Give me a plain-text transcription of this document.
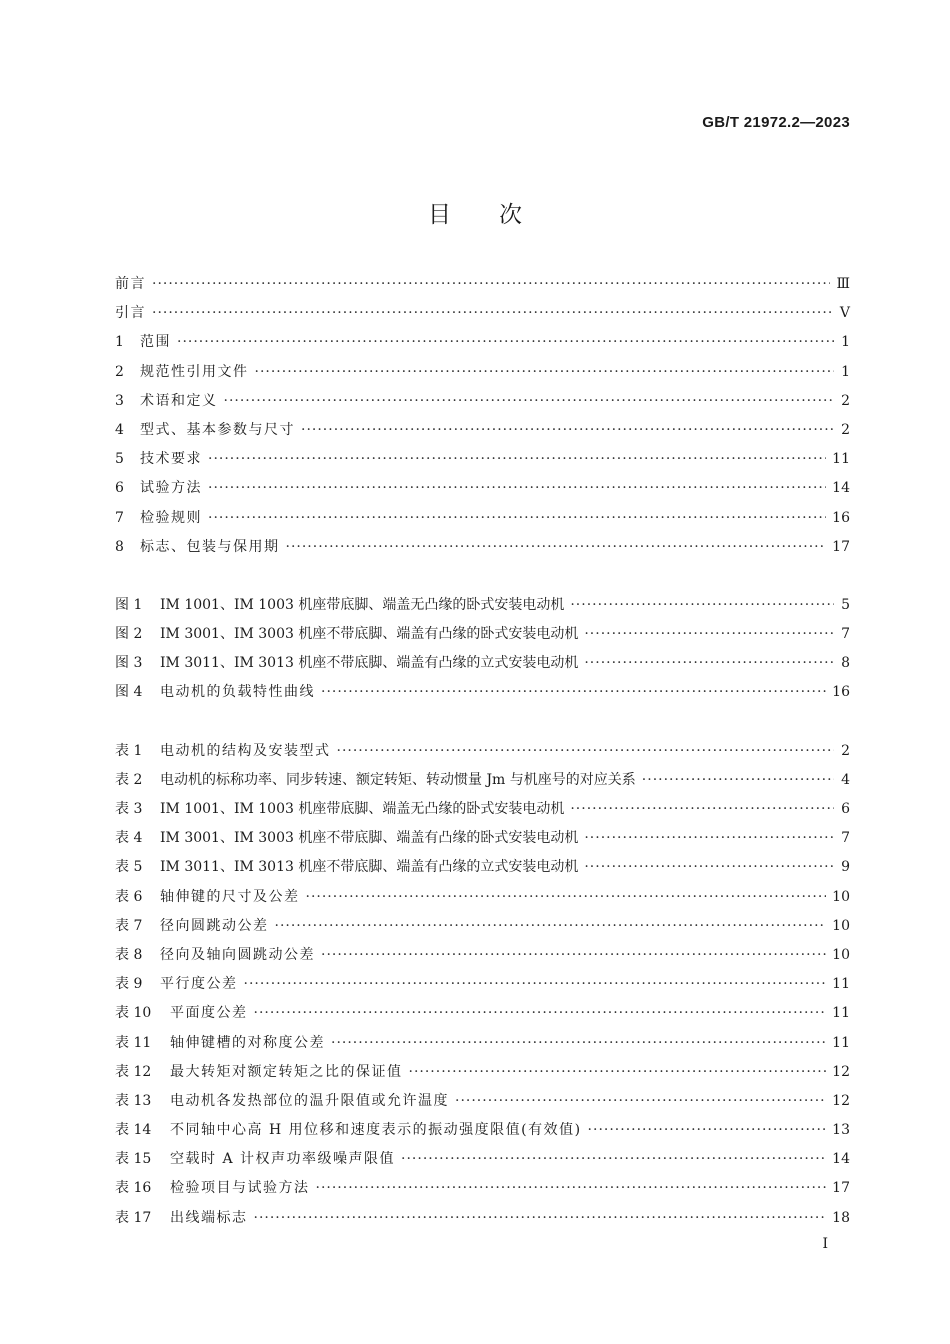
GB/T 21972.2—2023
目次
前言 ·····	Ⅲ
引言 ·····	Ⅴ
1	范围 ·····	1
2	规范性引用文件 ·····	1
3	术语和定义 ·····	2
4	型式、基本参数与尺寸 ·····	2
5	技术要求 ·····	11
6	试验方法 ·····	14
7	检验规则 ·····	16
8	标志、包装与保用期 ·····	17
图 1	IM 1001、IM 1003 机座带底脚、端盖无凸缘的卧式安装电动机 ·····	5
图 2	IM 3001、IM 3003 机座不带底脚、端盖有凸缘的卧式安装电动机 ·····	7
图 3	IM 3011、IM 3013 机座不带底脚、端盖有凸缘的立式安装电动机 ·····	8
图 4	电动机的负载特性曲线 ·····	16
表 1	电动机的结构及安装型式 ·····	2
表 2	电动机的标称功率、同步转速、额定转矩、转动惯量 Jm 与机座号的对应关系 ·····	4
表 3	IM 1001、IM 1003 机座带底脚、端盖无凸缘的卧式安装电动机 ·····	6
表 4	IM 3001、IM 3003 机座不带底脚、端盖有凸缘的卧式安装电动机 ·····	7
表 5	IM 3011、IM 3013 机座不带底脚、端盖有凸缘的立式安装电动机 ·····	9
表 6	轴伸键的尺寸及公差 ·····	10
表 7	径向圆跳动公差 ·····	10
表 8	径向及轴向圆跳动公差 ·····	10
表 9	平行度公差 ·····	11
表 10	平面度公差 ·····	11
表 11	轴伸键槽的对称度公差 ·····	11
表 12	最大转矩对额定转矩之比的保证值 ·····	12
表 13	电动机各发热部位的温升限值或允许温度 ·····	12
表 14	不同轴中心高 H 用位移和速度表示的振动强度限值(有效值) ·····	13
表 15	空载时 A 计权声功率级噪声限值 ·····	14
表 16	检验项目与试验方法 ·····	17
表 17	出线端标志 ·····	18
I
